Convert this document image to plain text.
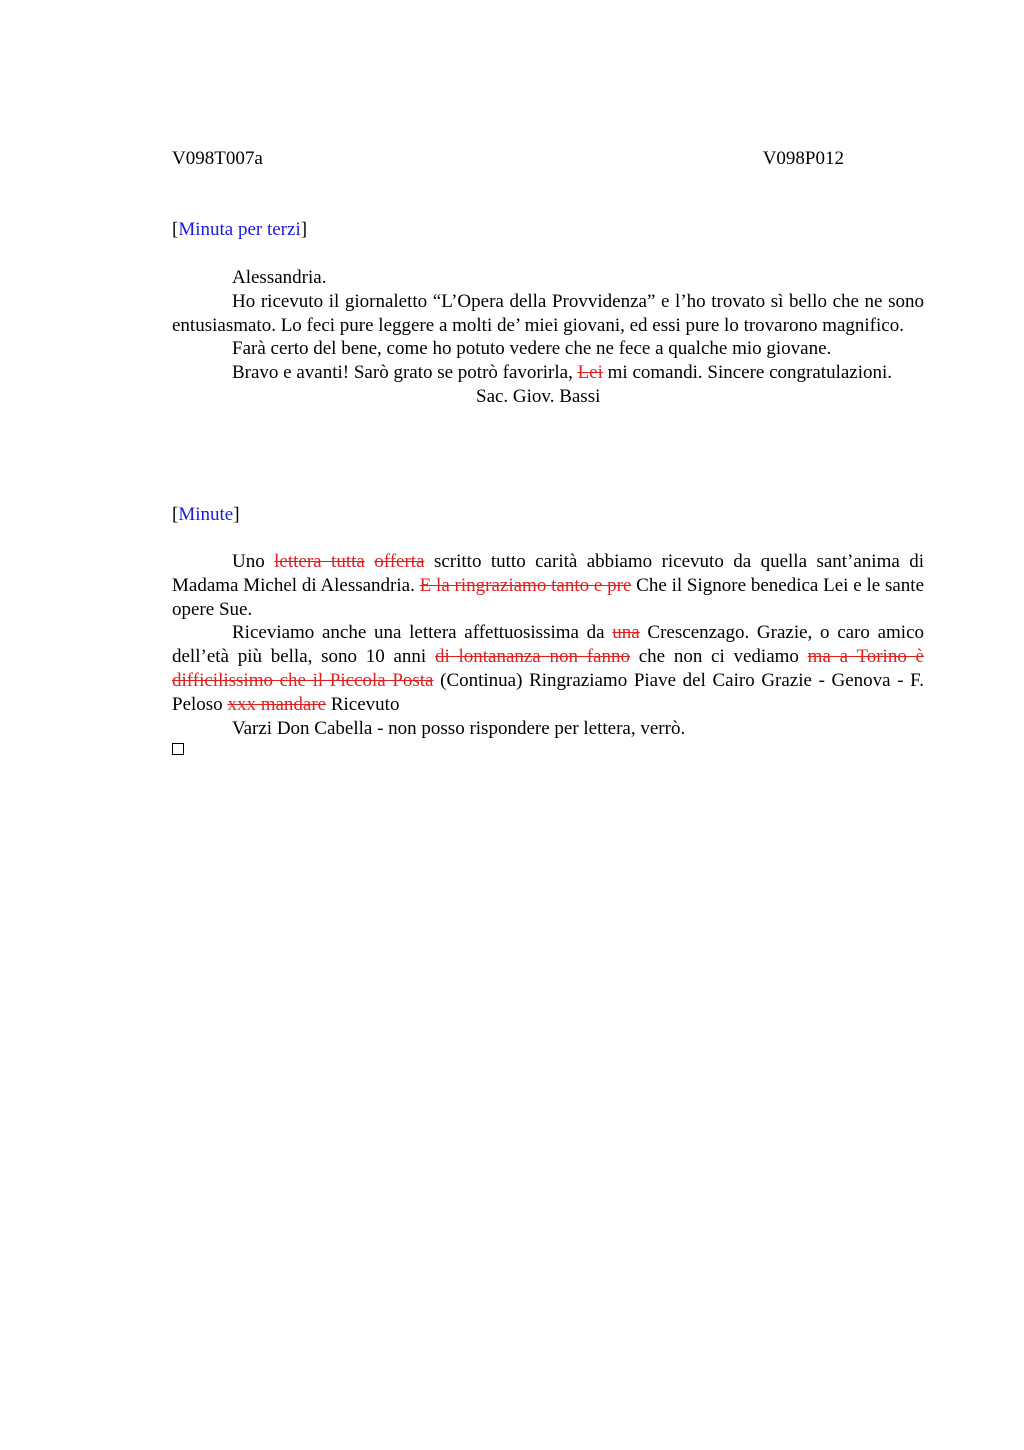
V098T007a	V098P012
[Minuta per terzi]

Alessandria.

Ho ricevuto il giornaletto “L’Opera della Provvidenza” e l’ho trovato sì bello che ne sono entusiasmato. Lo feci pure leggere a molti de’ miei giovani, ed essi pure lo trovarono magnifico.

Farà certo del bene, come ho potuto vedere che ne fece a qualche mio giovane.

Bravo e avanti! Sarò grato se potrò favorirla, Lei mi comandi. Sincere congratulazioni.

Sac. Giov. Bassi

[Minute]

Uno lettera tutta offerta scritto tutto carità abbiamo ricevuto da quella sant’anima di Madama Michel di Alessandria. E la ringraziamo tanto e pre Che il Signore benedica Lei e le sante opere Sue.

Riceviamo anche una lettera affettuosissima da una Crescenzago. Grazie, o caro amico dell’età più bella, sono 10 anni di lontananza non fanno che non ci vediamo ma a Torino è difficilissimo che il Piccola Posta (Continua) Ringraziamo Piave del Cairo Grazie - Genova - F. Peloso xxx mandare Ricevuto

Varzi Don Cabella - non posso rispondere per lettera, verrò.
